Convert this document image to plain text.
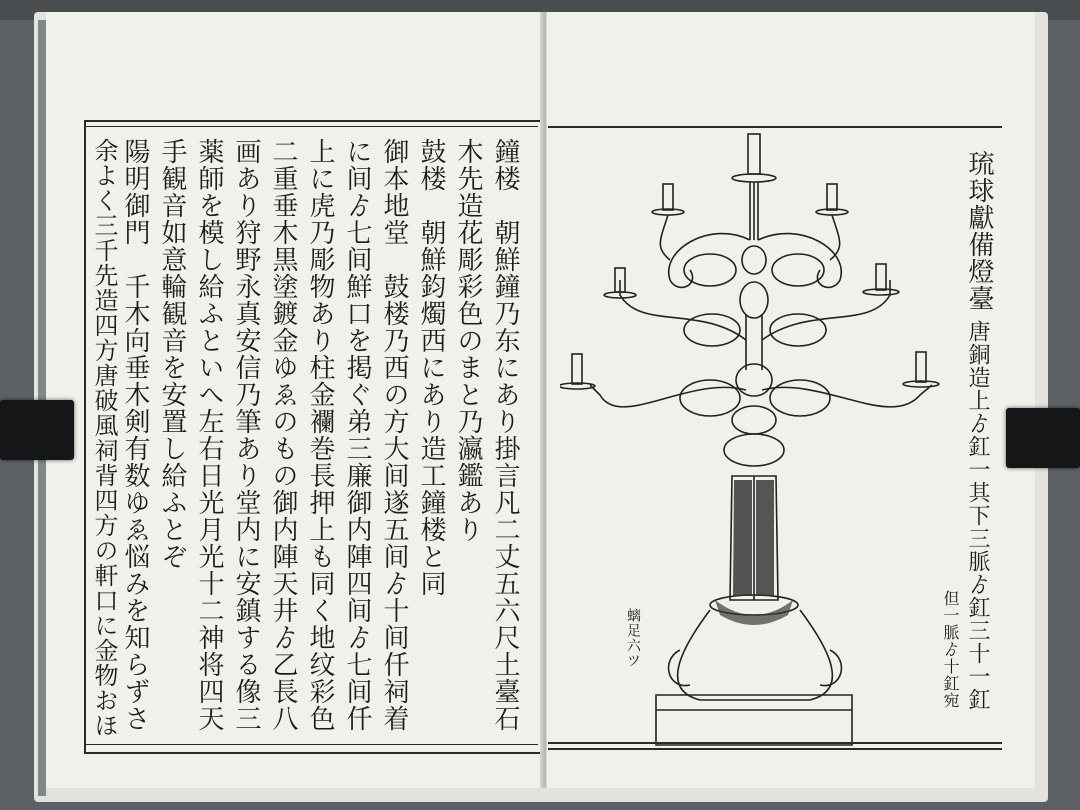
鐘楼　朝鮮鐘乃东にあり掛言凡二丈五六尺土臺石
木先造花彫彩色のまと乃瀛鑑あり
鼓楼　朝鮮鈞燭西にあり造工鐘楼と同
御本地堂　鼓楼乃西の方大间遂五间ゟ十间仟祠着
に间ゟ七间鮮口を掲ぐ弟三廉御内陣四间ゟ七间仟
上に虎乃彫物あり柱金襴巻長押上も同く地纹彩色
二重垂木黒塗鍍金ゆゑのもの御内陣天井ゟ乙長八
画あり狩野永真安信乃筆あり堂内に安鎮する像三
薬師を模し給ふといへ左右日光月光十二神将四天
手観音如意輪観音を安置し給ふとぞ
陽明御門　千木向垂木剣有数ゆゑ悩みを知らずさ
余よく三千先造四方唐破風祠背四方の軒口に金物おほ	琉球獻備燈臺
唐銅造上ゟ釭一其下三脈ゟ釭三十一釭
但一脈ゟ十釭宛
螭足六ツ
